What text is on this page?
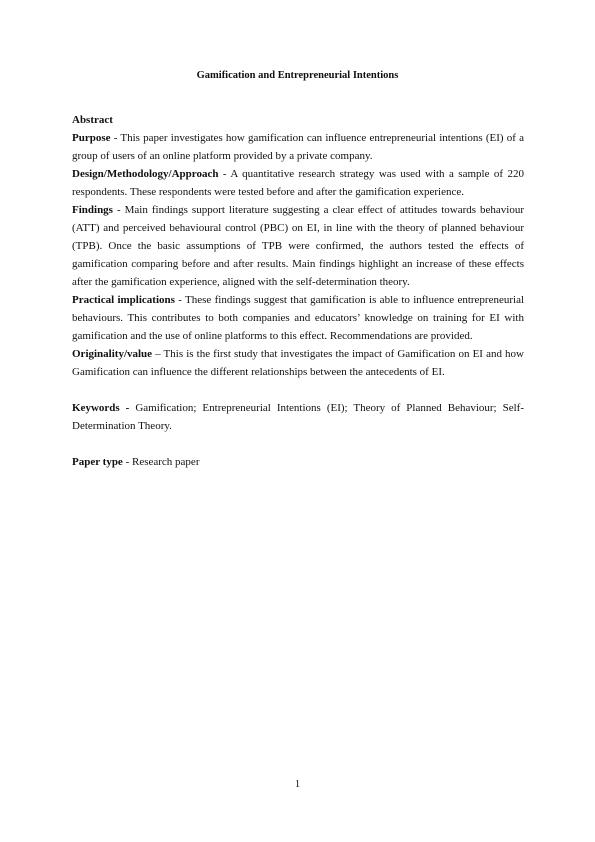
Gamification and Entrepreneurial Intentions

Abstract

Purpose - This paper investigates how gamification can influence entrepreneurial intentions (EI) of a group of users of an online platform provided by a private company.

Design/Methodology/Approach - A quantitative research strategy was used with a sample of 220 respondents. These respondents were tested before and after the gamification experience.

Findings - Main findings support literature suggesting a clear effect of attitudes towards behaviour (ATT) and perceived behavioural control (PBC) on EI, in line with the theory of planned behaviour (TPB). Once the basic assumptions of TPB were confirmed, the authors tested the effects of gamification comparing before and after results. Main findings highlight an increase of these effects after the gamification experience, aligned with the self-determination theory.

Practical implications - These findings suggest that gamification is able to influence entrepreneurial behaviours. This contributes to both companies and educators’ knowledge on training for EI with gamification and the use of online platforms to this effect. Recommendations are provided.

Originality/value – This is the first study that investigates the impact of Gamification on EI and how Gamification can influence the different relationships between the antecedents of EI.

Keywords - Gamification; Entrepreneurial Intentions (EI); Theory of Planned Behaviour; Self-Determination Theory.

Paper type - Research paper

1
